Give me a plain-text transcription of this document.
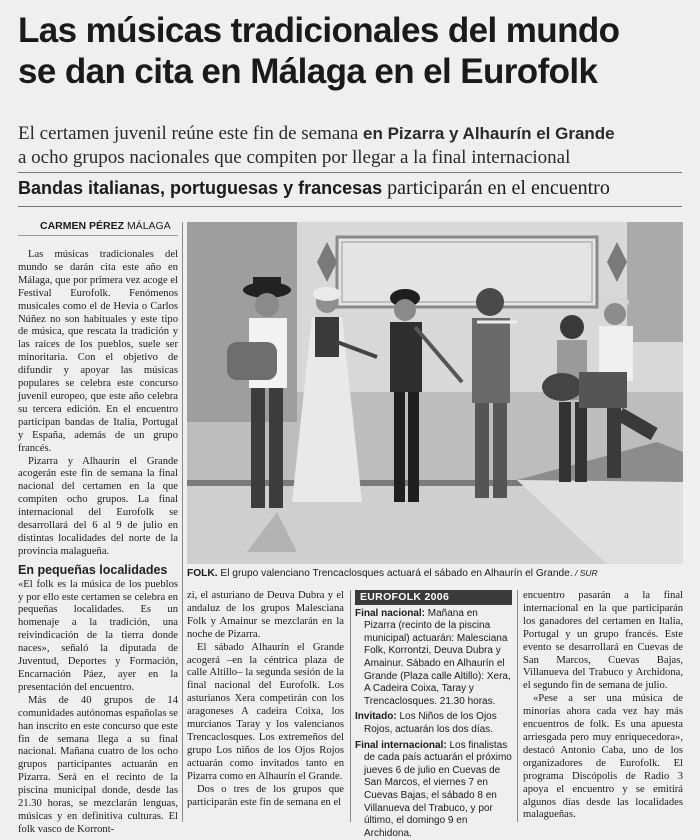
Las músicas tradicionales del mundo
se dan cita en Málaga en el Eurofolk
El certamen juvenil reúne este fin de semana en Pizarra y Alhaurín el Grande
a ocho grupos nacionales que compiten por llegar a la final internacional
Bandas italianas, portuguesas y francesas participarán en el encuentro
CARMEN PÉREZ MÁLAGA

Las músicas tradicionales del mundo se darán cita este año en Málaga, que por primera vez acoge el Festival Eurofolk. Fenómenos musicales como el de Hevia o Carlos Núñez no son habituales y este tipo de música, que rescata la tradición y las raíces de los pueblos, suele ser minoritaria. Con el objetivo de difundir y apoyar las músicas populares se celebra este concurso juvenil europeo, que este año celebra su tercera edición. En el encuentro participan bandas de Italia, Portugal y España, además de un grupo francés.

Pizarra y Alhaurín el Grande acogerán este fin de semana la final nacional del certamen en la que compiten ocho grupos. La final internacional del Eurofolk se desarrollará del 6 al 9 de julio en distintas localidades del norte de la provincia malagueña.

En pequeñas localidades

«El folk es la música de los pueblos y por ello este certamen se celebra en pequeñas localidades. Es un homenaje a la tradición, una reivindicación de la tierra donde naces», señaló la diputada de Juventud, Deportes y Formación, Encarnación Páez, ayer en la presentación del encuentro.

Más de 40 grupos de 14 comunidades autónomas españolas se han inscrito en este concurso que este fin de semana llega a su final nacional. Mañana cuatro de los ocho grupos participantes actuarán en Pizarra. Será en el recinto de la piscina municipal donde, desde las 21.30 horas, se mezclarán lenguas, músicas y en definitiva culturas. El folk vasco de Korront-

FOLK. El grupo valenciano Trencaclosques actuará el sábado en Alhaurín el Grande. / SUR

zi, el asturiano de Deuva Dubra y el andaluz de los grupos Malesciana Folk y Amainur se mezclarán en la noche de Pizarra.

El sábado Alhaurín el Grande acogerá –en la céntrica plaza de calle Altillo– la segunda sesión de la final nacional del Eurofolk. Los asturianos Xera competirán con los aragoneses A cadeira Coixa, los murcianos Taray y los valencianos Trencaclosques. Los extremeños del grupo Los niños de los Ojos Rojos actuarán como invitados tanto en Pizarra como en Alhaurín el Grande.

Dos o tres de los grupos que participarán este fin de semana en el

EUROFOLK 2006

Final nacional: Mañana en Pizarra (recinto de la piscina municipal) actuarán: Malesciana Folk, Korrontzi, Deuva Dubra y Amainur. Sábado en Alhaurín el Grande (Plaza calle Altillo): Xera, A Cadeira Coixa, Taray y Trencaclosques. 21.30 horas.

Invitado: Los Niños de los Ojos Rojos, actuarán los dos días.

Final internacional: Los finalistas de cada país actuarán el próximo jueves 6 de julio en Cuevas de San Marcos, el viernes 7 en Cuevas Bajas, el sábado 8 en Villanueva del Trabuco, y por último, el domingo 9 en Archidona.

encuentro pasarán a la final internacional en la que participarán los ganadores del certamen en Italia, Portugal y un grupo francés. Este evento se desarrollará en Cuevas de San Marcos, Cuevas Bajas, Villanueva del Trabuco y Archidona, el segundo fin de semana de julio.

«Pese a ser una música de minorías ahora cada vez hay más encuentros de folk. Es una apuesta arriesgada pero muy enriquecedora», destacó Antonio Caba, uno de los organizadores de Eurofolk. El programa Discópolis de Radio 3 apoya el encuentro y se emitirá algunos días desde las localidades malagueñas.
